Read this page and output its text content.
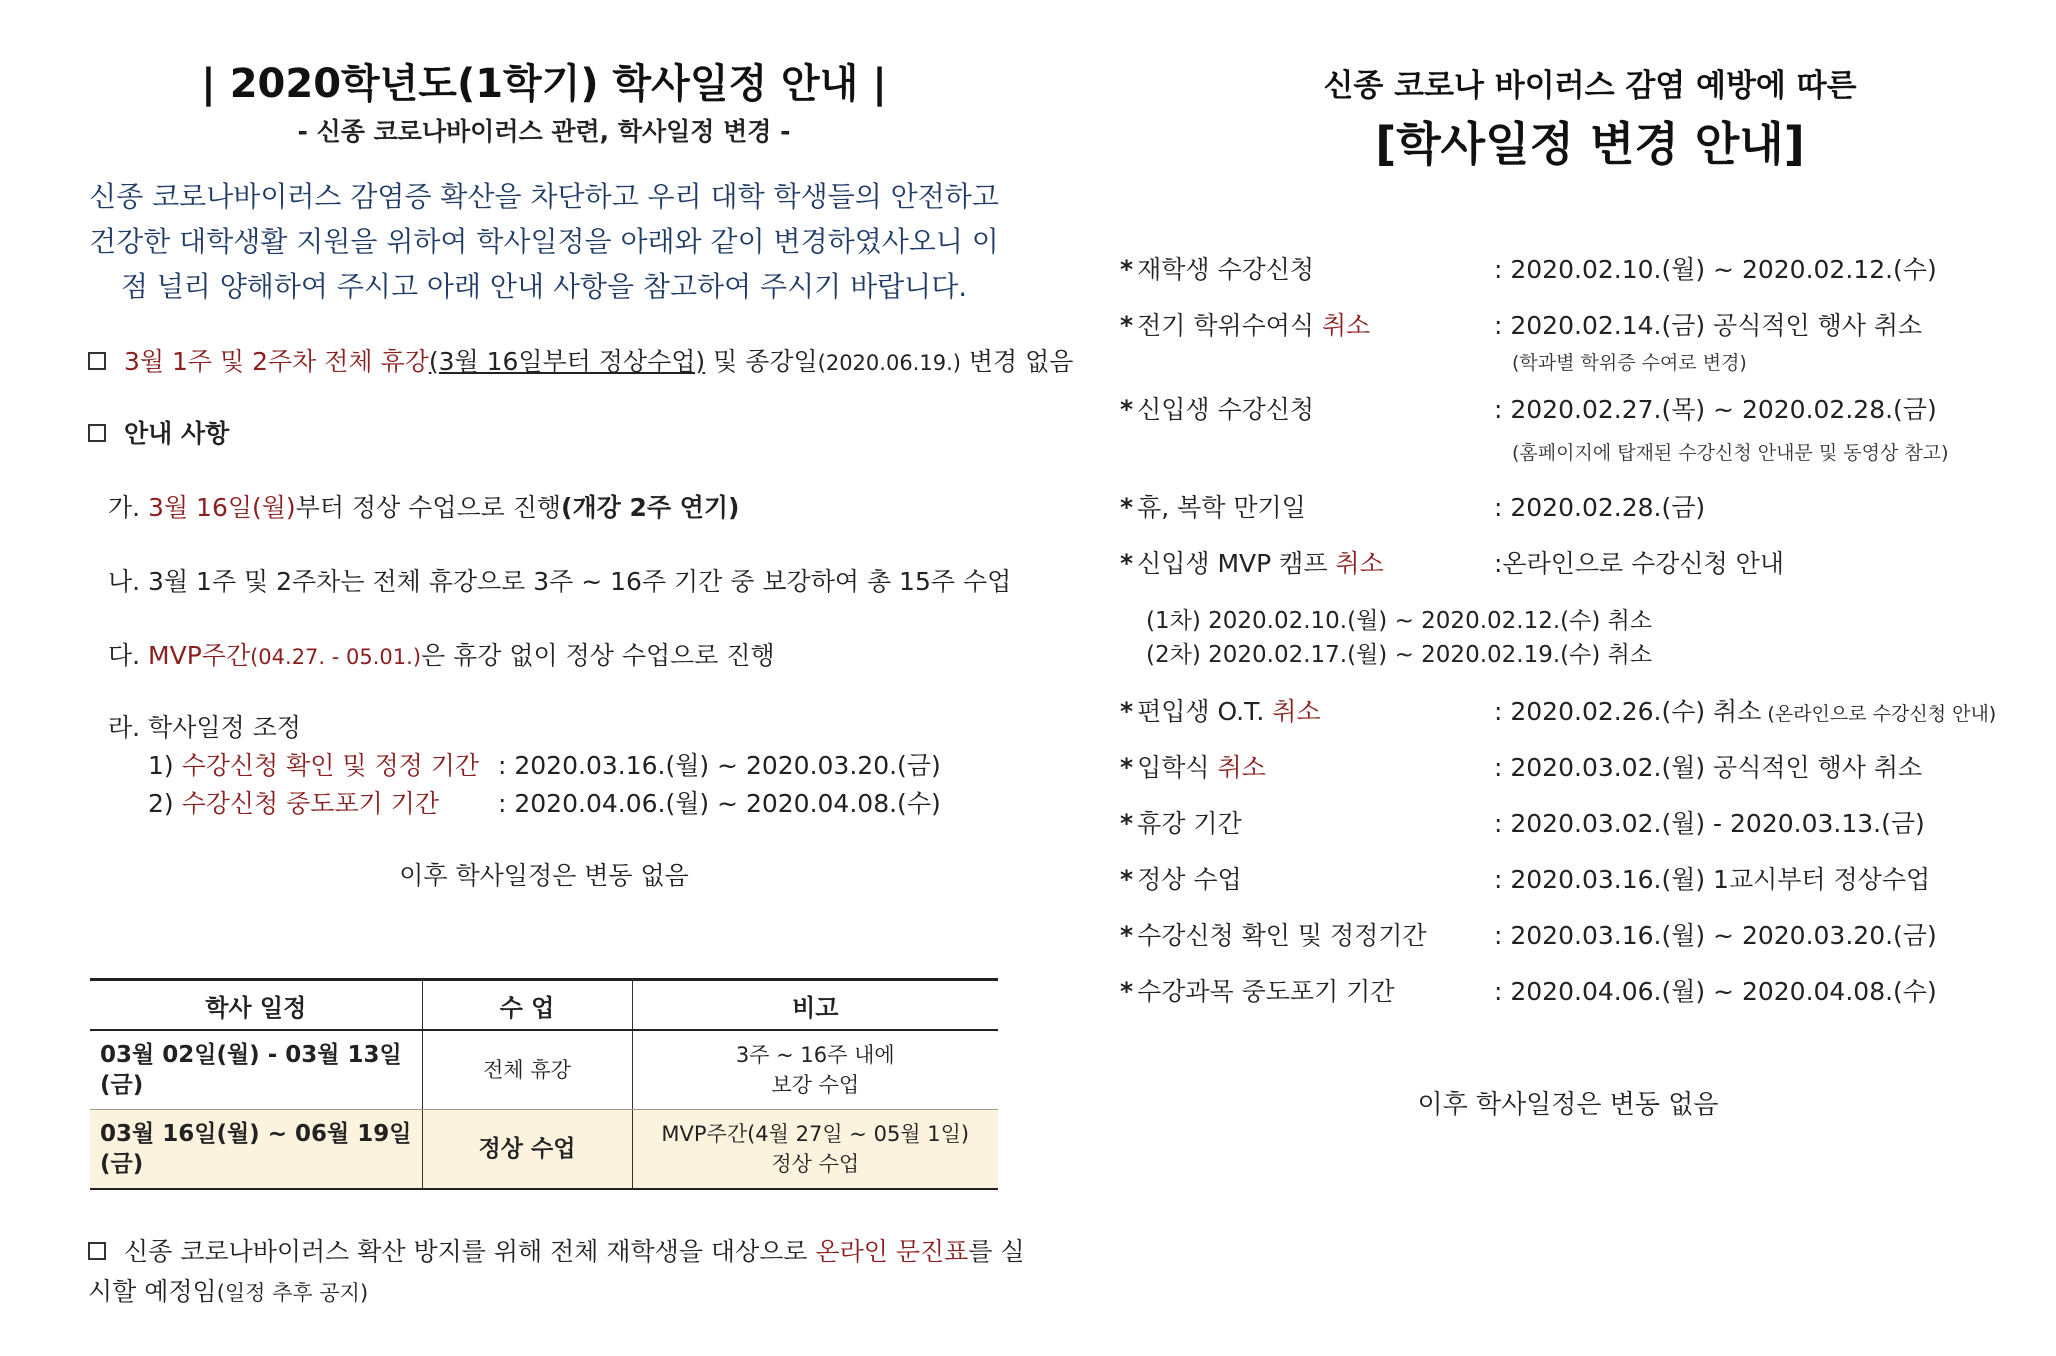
| 2020학년도(1학기) 학사일정 안내 |
- 신종 코로나바이러스 관련, 학사일정 변경 -
신종 코로나바이러스 감염증 확산을 차단하고 우리 대학 학생들의 안전하고 건강한 대학생활 지원을 위하여 학사일정을 아래와 같이 변경하였사오니 이점 널리 양해하여 주시고 아래 안내 사항을 참고하여 주시기 바랍니다.
3월 1주 및 2주차 전체 휴강(3월 16일부터 정상수업) 및 종강일(2020.06.19.) 변경 없음
안내 사항
가. 3월 16일(월)부터 정상 수업으로 진행(개강 2주 연기)
나. 3월 1주 및 2주차는 전체 휴강으로 3주 ~ 16주 기간 중 보강하여 총 15주 수업
다. MVP주간(04.27. - 05.01.)은 휴강 없이 정상 수업으로 진행
라. 학사일정 조정
1) 수강신청 확인 및 정정 기간 : 2020.03.16.(월) ~ 2020.03.20.(금)
2) 수강신청 중도포기 기간 : 2020.04.06.(월) ~ 2020.04.08.(수)
이후 학사일정은 변동 없음
학사 일정	수 업	비고
03월 02일(월) - 03월 13일(금)	전체 휴강	3주 ~ 16주 내에
보강 수업

03월 16일(월) ~ 06월 19일(금)	정상 수업	MVP주간(4월 27일 ~ 05월 1일)
정상 수업
신종 코로나바이러스 확산 방지를 위해 전체 재학생을 대상으로 온라인 문진표를 실시할 예정임(일정 추후 공지)
신종 코로나 바이러스 감염 예방에 따른
[학사일정 변경 안내]
* 재학생 수강신청	: 2020.02.10.(월) ~ 2020.02.12.(수)
* 전기 학위수여식 취소	: 2020.02.14.(금) 공식적인 행사 취소
(학과별 학위증 수여로 변경)
* 신입생 수강신청	: 2020.02.27.(목) ~ 2020.02.28.(금)
(홈페이지에 탑재된 수강신청 안내문 및 동영상 참고)
* 휴, 복학 만기일	: 2020.02.28.(금)
* 신입생 MVP 캠프 취소	:온라인으로 수강신청 안내
(1차) 2020.02.10.(월) ~ 2020.02.12.(수) 취소
(2차) 2020.02.17.(월) ~ 2020.02.19.(수) 취소
* 편입생 O.T. 취소	: 2020.02.26.(수) 취소 (온라인으로 수강신청 안내)
* 입학식 취소	: 2020.03.02.(월) 공식적인 행사 취소
* 휴강 기간	: 2020.03.02.(월) - 2020.03.13.(금)
* 정상 수업	: 2020.03.16.(월) 1교시부터 정상수업
* 수강신청 확인 및 정정기간	: 2020.03.16.(월) ~ 2020.03.20.(금)
* 수강과목 중도포기 기간	: 2020.04.06.(월) ~ 2020.04.08.(수)
이후 학사일정은 변동 없음
